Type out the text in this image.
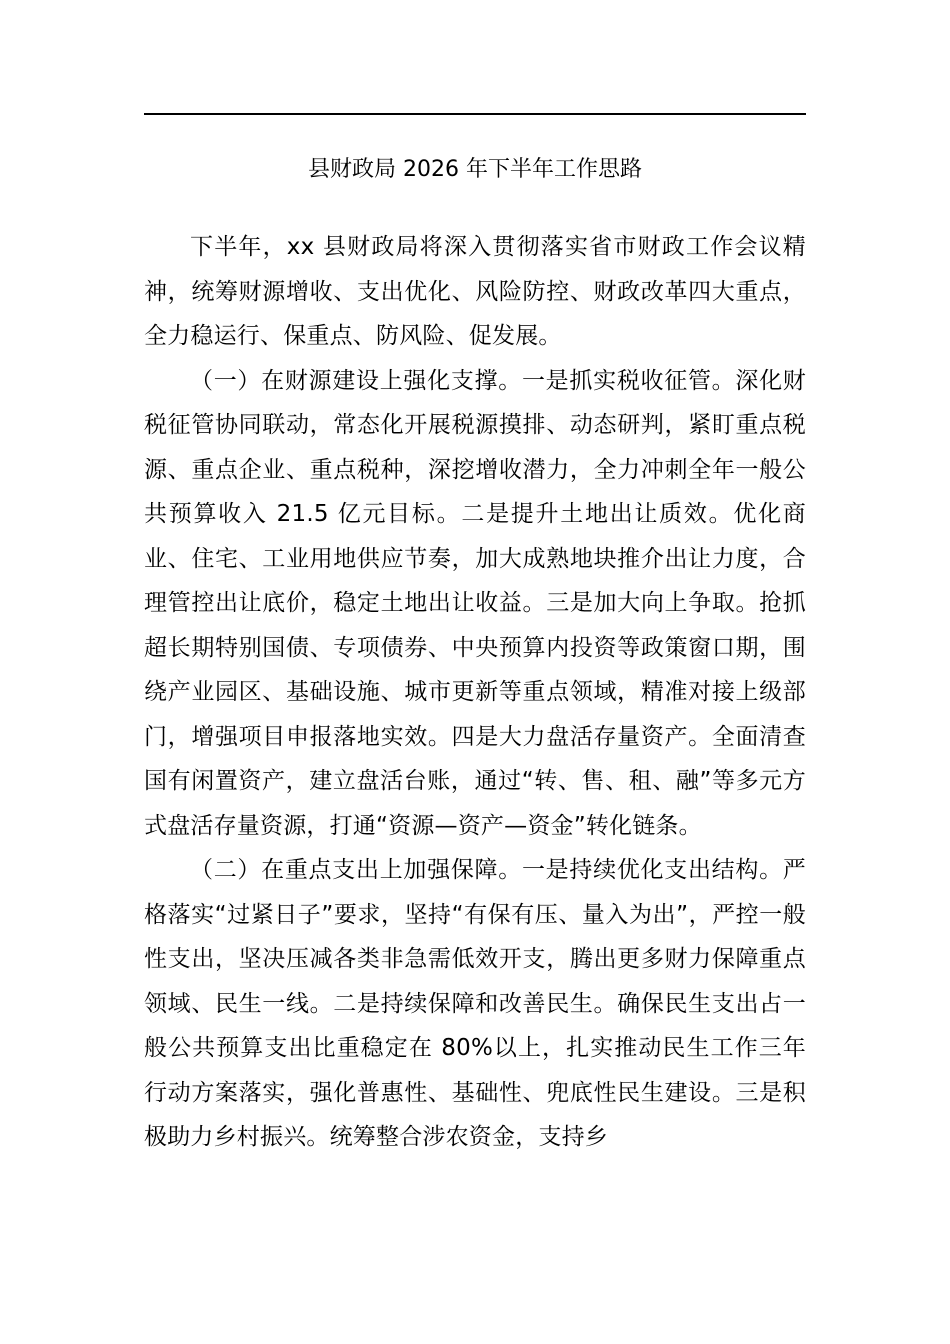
县财政局 2026 年下半年工作思路

下半年，xx 县财政局将深入贯彻落实省市财政工作会议精神，统筹财源增收、支出优化、风险防控、财政改革四大重点，全力稳运行、保重点、防风险、促发展。

（一）在财源建设上强化支撑。一是抓实税收征管。深化财税征管协同联动，常态化开展税源摸排、动态研判，紧盯重点税源、重点企业、重点税种，深挖增收潜力，全力冲刺全年一般公共预算收入 21.5 亿元目标。二是提升土地出让质效。优化商业、住宅、工业用地供应节奏，加大成熟地块推介出让力度，合理管控出让底价，稳定土地出让收益。三是加大向上争取。抢抓超长期特别国债、专项债券、中央预算内投资等政策窗口期，围绕产业园区、基础设施、城市更新等重点领域，精准对接上级部门，增强项目申报落地实效。四是大力盘活存量资产。全面清查国有闲置资产，建立盘活台账，通过“转、售、租、融”等多元方式盘活存量资源，打通“资源—资产—资金”转化链条。

（二）在重点支出上加强保障。一是持续优化支出结构。严格落实“过紧日子”要求，坚持“有保有压、量入为出”，严控一般性支出，坚决压减各类非急需低效开支，腾出更多财力保障重点领域、民生一线。二是持续保障和改善民生。确保民生支出占一般公共预算支出比重稳定在 80%以上，扎实推动民生工作三年行动方案落实，强化普惠性、基础性、兜底性民生建设。三是积极助力乡村振兴。统筹整合涉农资金，支持乡
